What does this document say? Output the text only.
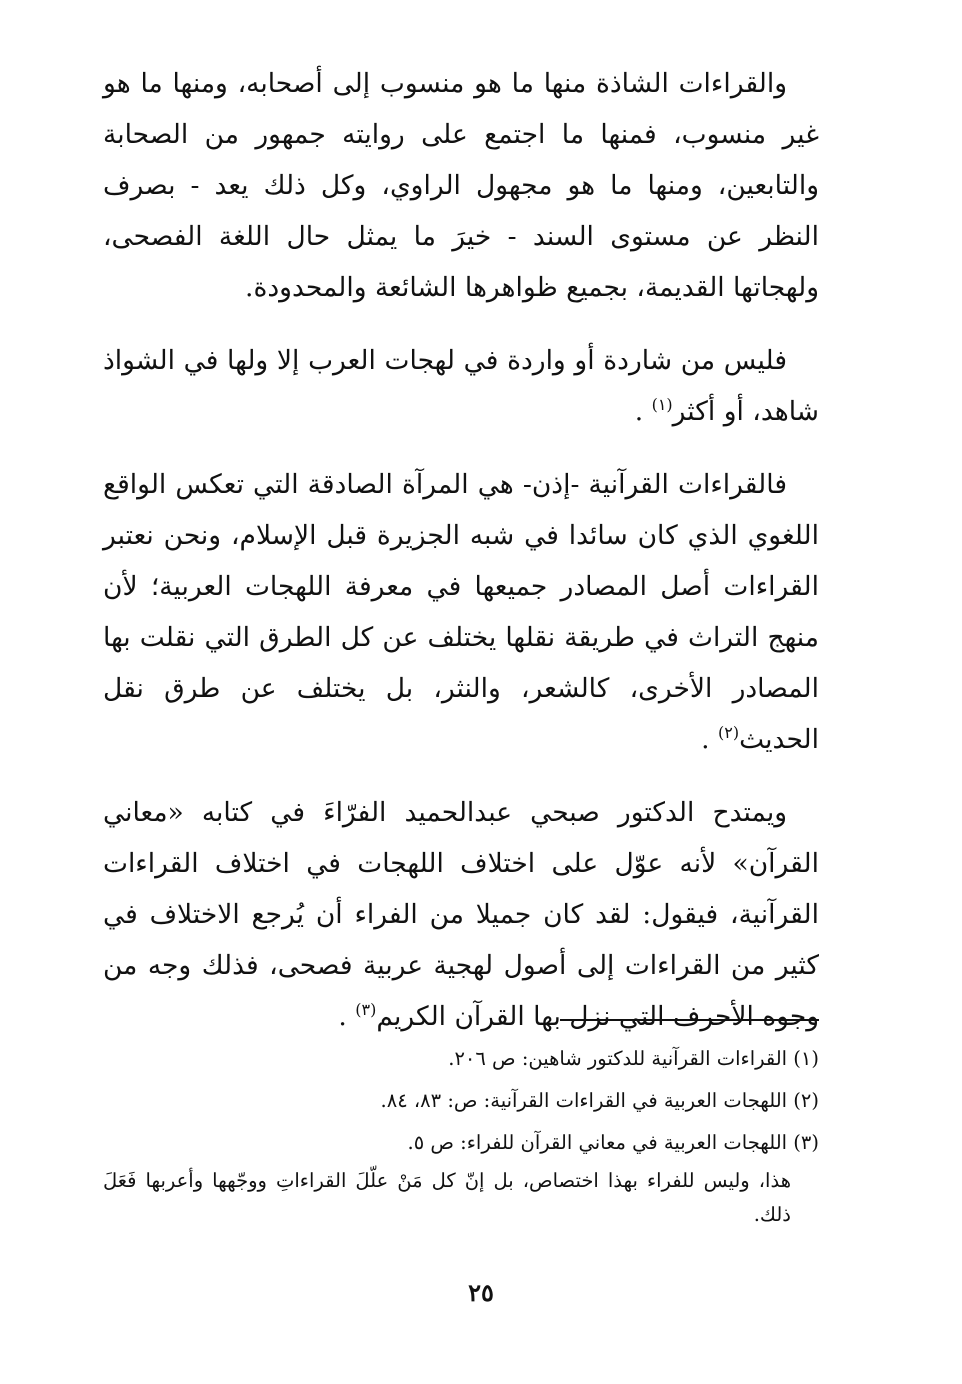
والقراءات الشاذة منها ما هو منسوب إلى أصحابه، ومنها ما هو غير منسوب، فمنها ما اجتمع على روايته جمهور من الصحابة والتابعين، ومنها ما هو مجهول الراوي، وكل ذلك يعد - بصرف النظر عن مستوى السند - خيرَ ما يمثل حال اللغة الفصحى، ولهجاتها القديمة، بجميع ظواهرها الشائعة والمحدودة.

فليس من شاردة أو واردة في لهجات العرب إلا ولها في الشواذ شاهد، أو أكثر$^{(١)}$ .

فالقراءات القرآنية -إذن- هي المرآة الصادقة التي تعكس الواقع اللغوي الذي كان سائدا في شبه الجزيرة قبل الإسلام، ونحن نعتبر القراءات أصل المصادر جميعها في معرفة اللهجات العربية؛ لأن منهج التراث في طريقة نقلها يختلف عن كل الطرق التي نقلت بها المصادر الأخرى، كالشعر، والنثر، بل يختلف عن طرق نقل الحديث$^{(٢)}$ .

ويمتدح الدكتور صبحي عبدالحميد الفرّاءَ في كتابه «معاني القرآن» لأنه عوّل على اختلاف اللهجات في اختلاف القراءات القرآنية، فيقول: لقد كان جميلا من الفراء أن يُرجع الاختلاف في كثير من القراءات إلى أصول لهجية عربية فصحى، فذلك وجه من وجوه الأحرف التي نزل بها القرآن الكريم$^{(٣)}$ .

(١) القراءات القرآنية للدكتور شاهين: ص ٢٠٦.

(٢) اللهجات العربية في القراءات القرآنية: ص: ٨٣، ٨٤.

(٣) اللهجات العربية في معاني القرآن للفراء: ص ٥.

هذا، وليس للفراء بهذا اختصاص، بل إنّ كل مَنْ علّلَ القراءاتِ ووجّهها وأعربها فَعَلَ ذلك.

٢٥
